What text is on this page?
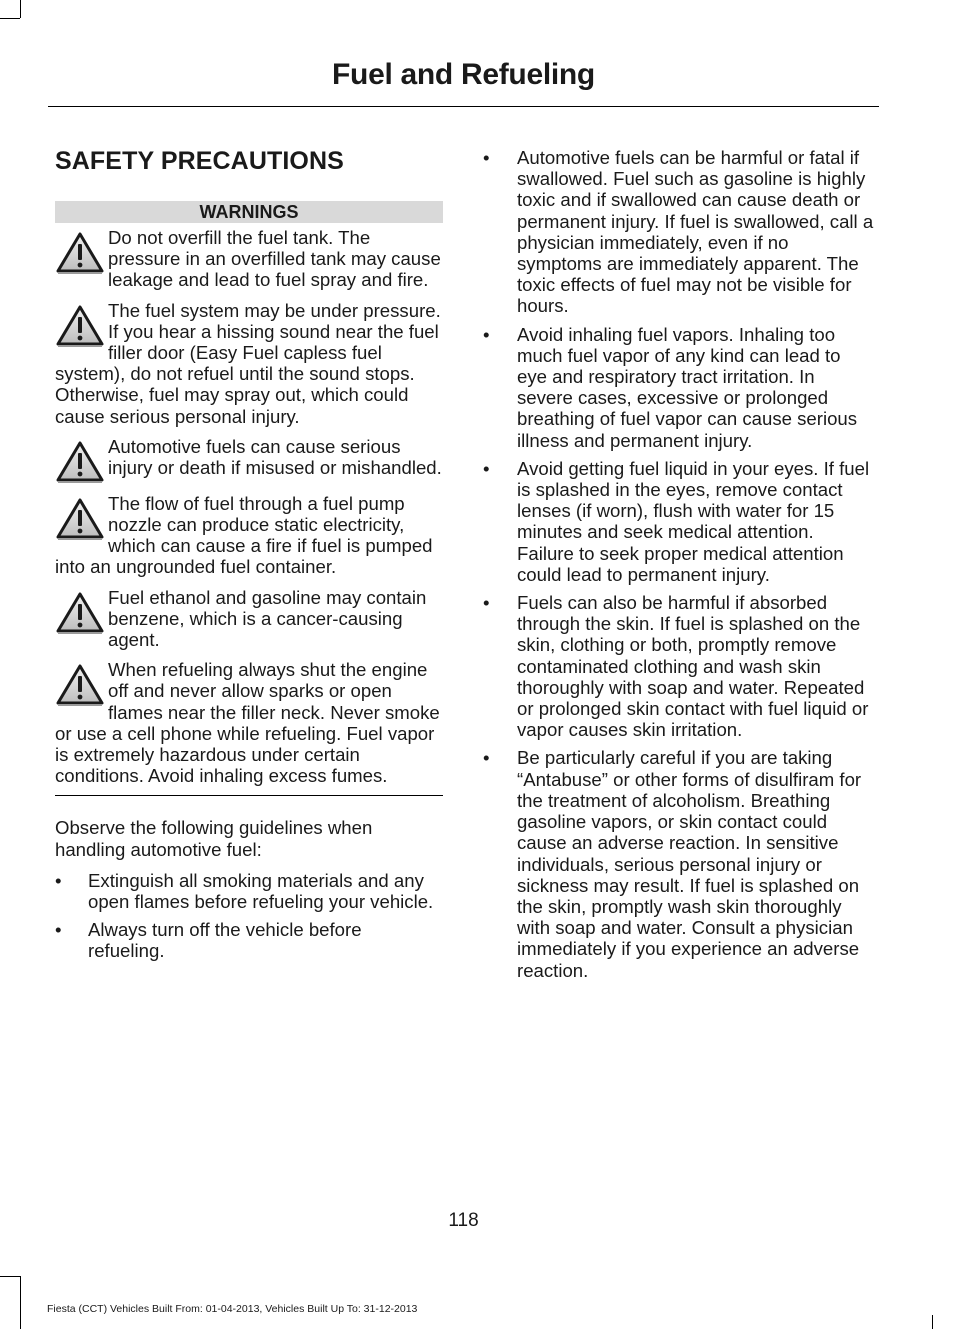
Fuel and Refueling
SAFETY PRECAUTIONS
WARNINGS
Do not overfill the fuel tank. The pressure in an overfilled tank may cause leakage and lead to fuel spray and fire.
The fuel system may be under pressure. If you hear a hissing sound near the fuel filler door (Easy Fuel capless fuel system), do not refuel until the sound stops. Otherwise, fuel may spray out, which could cause serious personal injury.
Automotive fuels can cause serious injury or death if misused or mishandled.
The flow of fuel through a fuel pump nozzle can produce static electricity, which can cause a fire if fuel is pumped into an ungrounded fuel container.
Fuel ethanol and gasoline may contain benzene, which is a cancer-causing agent.
When refueling always shut the engine off and never allow sparks or open flames near the filler neck. Never smoke or use a cell phone while refueling. Fuel vapor is extremely hazardous under certain conditions. Avoid inhaling excess fumes.

Observe the following guidelines when handling automotive fuel:

• Extinguish all smoking materials and any open flames before refueling your vehicle.
• Always turn off the vehicle before refueling.
• Automotive fuels can be harmful or fatal if swallowed. Fuel such as gasoline is highly toxic and if swallowed can cause death or permanent injury. If fuel is swallowed, call a physician immediately, even if no symptoms are immediately apparent. The toxic effects of fuel may not be visible for hours.
• Avoid inhaling fuel vapors. Inhaling too much fuel vapor of any kind can lead to eye and respiratory tract irritation. In severe cases, excessive or prolonged breathing of fuel vapor can cause serious illness and permanent injury.
• Avoid getting fuel liquid in your eyes. If fuel is splashed in the eyes, remove contact lenses (if worn), flush with water for 15 minutes and seek medical attention. Failure to seek proper medical attention could lead to permanent injury.
• Fuels can also be harmful if absorbed through the skin. If fuel is splashed on the skin, clothing or both, promptly remove contaminated clothing and wash skin thoroughly with soap and water. Repeated or prolonged skin contact with fuel liquid or vapor causes skin irritation.
• Be particularly careful if you are taking “Antabuse” or other forms of disulfiram for the treatment of alcoholism. Breathing gasoline vapors, or skin contact could cause an adverse reaction. In sensitive individuals, serious personal injury or sickness may result. If fuel is splashed on the skin, promptly wash skin thoroughly with soap and water. Consult a physician immediately if you experience an adverse reaction.
118
Fiesta (CCT) Vehicles Built From: 01-04-2013, Vehicles Built Up To: 31-12-2013
